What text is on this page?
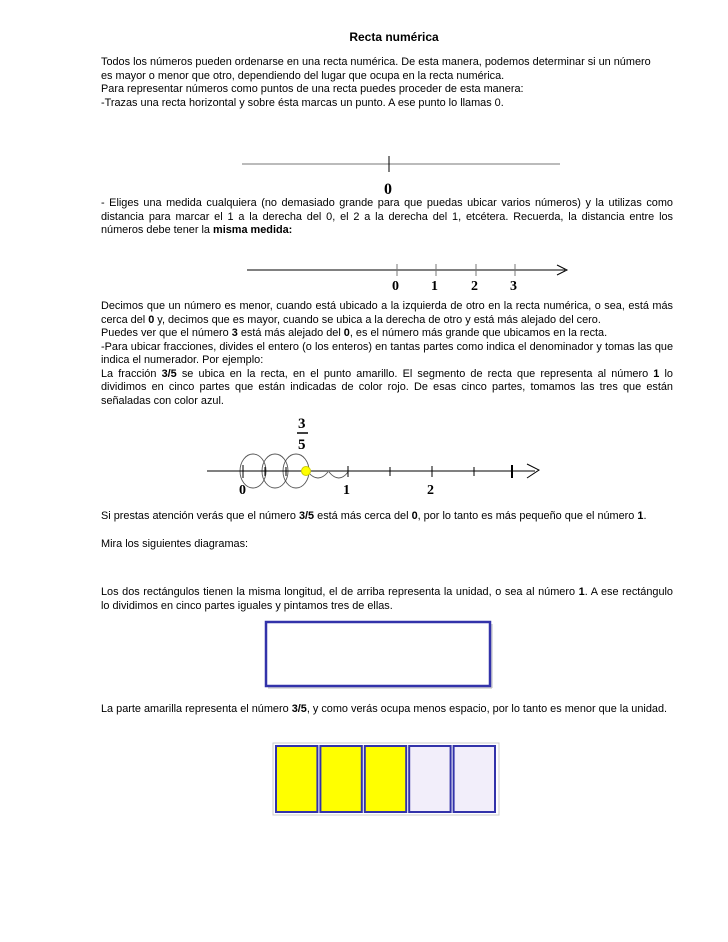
Recta numérica

Todos los números pueden ordenarse en una recta numérica. De esta manera, podemos determinar si un número

es mayor o menor que otro, dependiendo del lugar que ocupa en la recta numérica.

Para representar números como puntos de una recta puedes proceder de esta manera:

-Trazas una recta horizontal y sobre ésta marcas un punto. A ese punto lo llamas 0.

0
- Eliges una medida cualquiera (no demasiado grande para que puedas ubicar varios números) y la utilizas como distancia para marcar el 1 a la derecha del 0, el 2 a la derecha del 1, etcétera. Recuerda, la distancia entre los números debe tener la misma medida:
0 1 2 3

Decimos que un número es menor, cuando está ubicado a la izquierda de otro en la recta numérica, o sea, está más cerca del 0 y, decimos que es mayor, cuando se ubica a la derecha de otro y está más alejado del cero.

Puedes ver que el número 3 está más alejado del 0, es el número más grande que ubicamos en la recta.

-Para ubicar fracciones, divides el entero (o los enteros) en tantas partes como indica el denominador y tomas las que indica el numerador. Por ejemplo:

La fracción 3/5 se ubica en la recta, en el punto amarillo. El segmento de recta que representa al número 1 lo dividimos en cinco partes que están indicadas de color rojo. De esas cinco partes, tomamos las tres que están señaladas con color azul.

3
5
0	1	2
Si prestas atención verás que el número 3/5 está más cerca del 0, por lo tanto es más pequeño que el número 1.
Mira los siguientes diagramas:
Los dos rectángulos tienen la misma longitud, el de arriba representa la unidad, o sea al número 1. A ese rectángulo lo dividimos en cinco partes iguales y pintamos tres de ellas.
La parte amarilla representa el número 3/5, y como verás ocupa menos espacio, por lo tanto es menor que la unidad.
